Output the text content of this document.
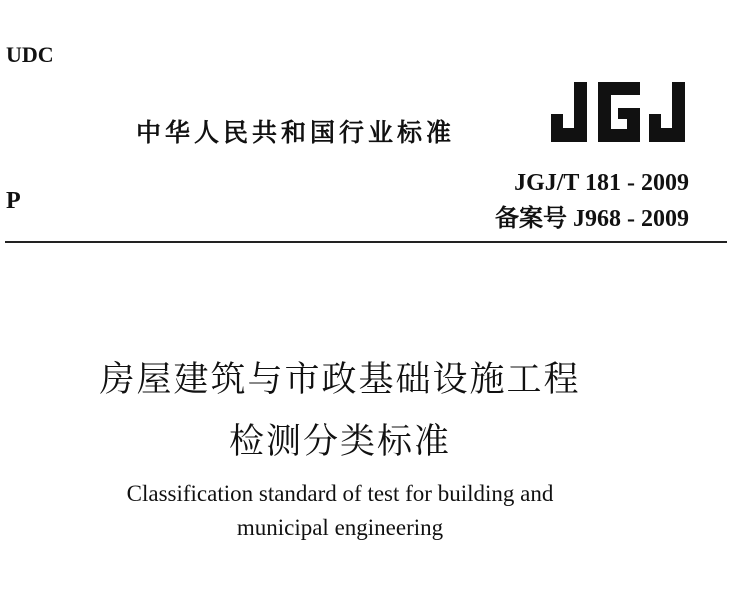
UDC
P
中华人民共和国行业标准
JGJ
JGJ/T 181 - 2009
备案号 J968 - 2009
房屋建筑与市政基础设施工程
检测分类标准
Classification standard of test for building and
municipal engineering
